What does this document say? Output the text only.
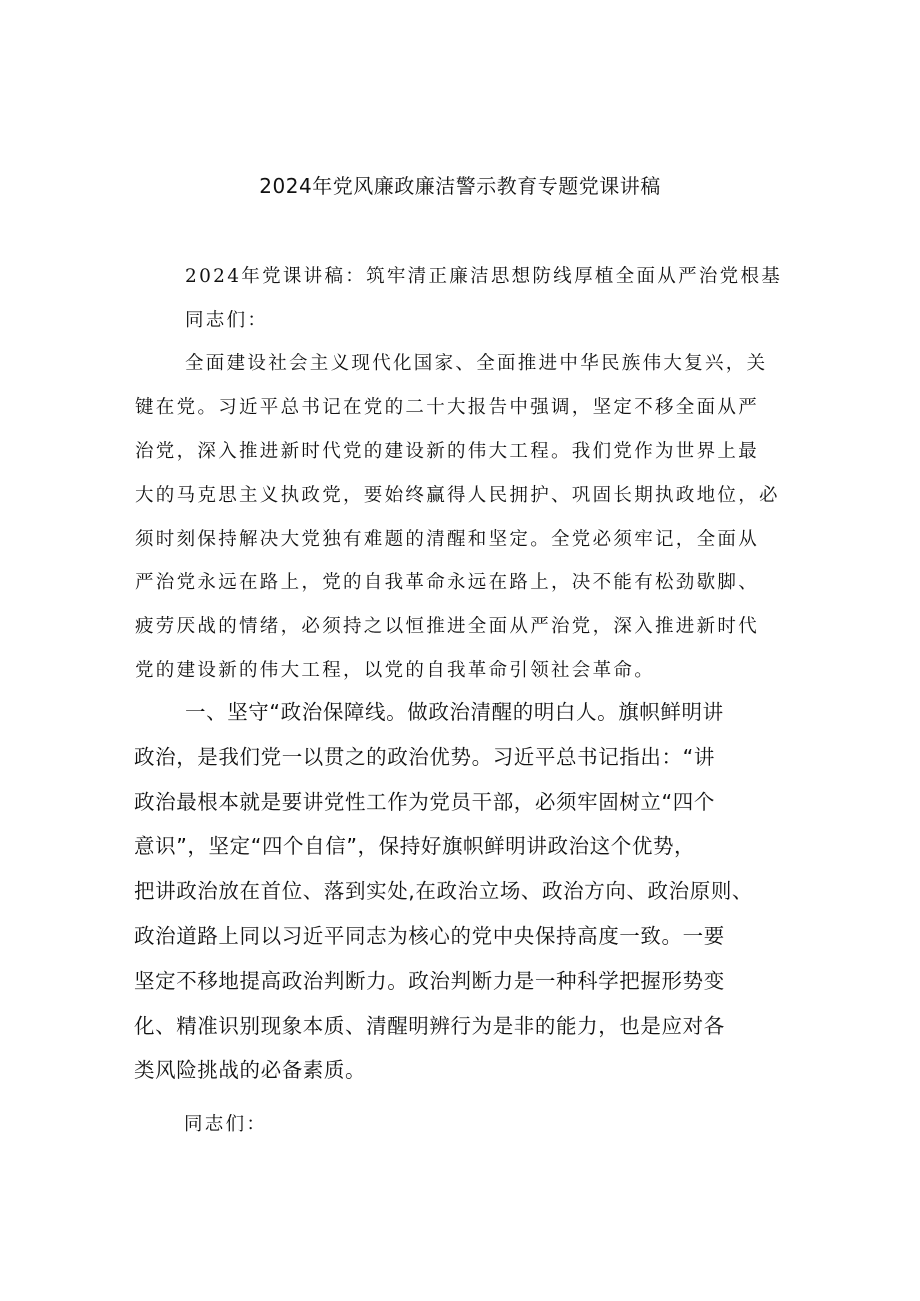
2024年党风廉政廉洁警示教育专题党课讲稿
2024年党课讲稿：筑牢清正廉洁思想防线厚植全面从严治党根基
同志们：
全面建设社会主义现代化国家、全面推进中华民族伟大复兴，关
键在党。习近平总书记在党的二十大报告中强调，坚定不移全面从严
治党，深入推进新时代党的建设新的伟大工程。我们党作为世界上最
大的马克思主义执政党，要始终赢得人民拥护、巩固长期执政地位，必
须时刻保持解决大党独有难题的清醒和坚定。全党必须牢记，全面从
严治党永远在路上，党的自我革命永远在路上，决不能有松劲歇脚、
疲劳厌战的情绪，必须持之以恒推进全面从严治党，深入推进新时代
党的建设新的伟大工程，以党的自我革命引领社会革命。
一、坚守“政治保障线。做政治清醒的明白人。旗帜鲜明讲
政治，是我们党一以贯之的政治优势。习近平总书记指出：“讲
政治最根本就是要讲党性工作为党员干部，必须牢固树立“四个
意识”，坚定“四个自信”，保持好旗帜鲜明讲政治这个优势，
把讲政治放在首位、落到实处,在政治立场、政治方向、政治原则、
政治道路上同以习近平同志为核心的党中央保持高度一致。一要
坚定不移地提高政治判断力。政治判断力是一种科学把握形势变
化、精准识别现象本质、清醒明辨行为是非的能力，也是应对各
类风险挑战的必备素质。
同志们：
